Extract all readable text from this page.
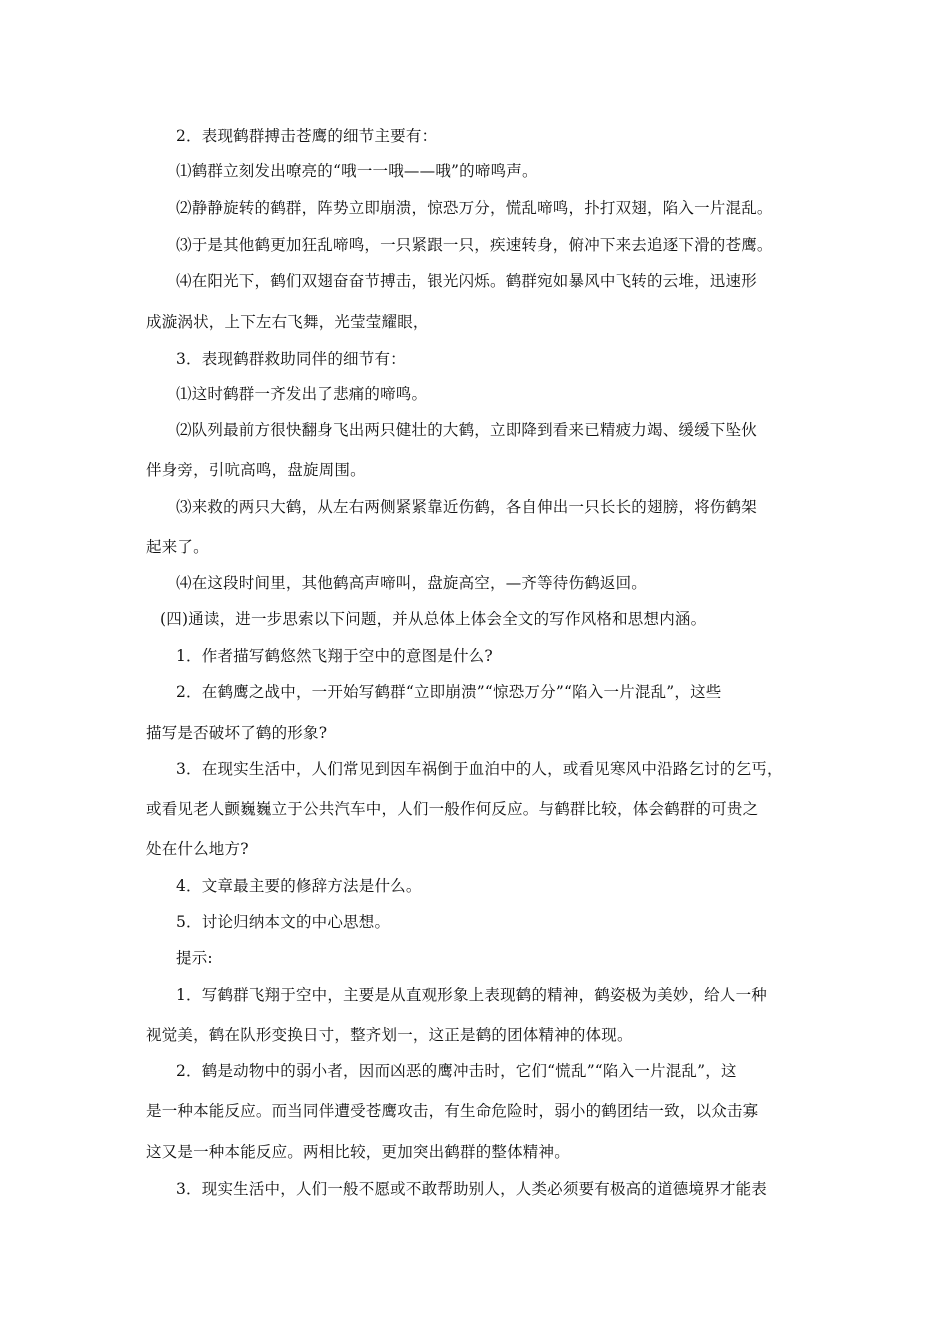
2．表现鹤群搏击苍鹰的细节主要有：
⑴鹤群立刻发出嘹亮的“哦一一哦——哦”的啼鸣声。
⑵静静旋转的鹤群，阵势立即崩溃，惊恐万分，慌乱啼鸣，扑打双翅，陷入一片混乱。
⑶于是其他鹤更加狂乱啼鸣，一只紧跟一只，疾速转身，俯冲下来去追逐下滑的苍鹰。
⑷在阳光下，鹤们双翅奋奋节搏击，银光闪烁。鹤群宛如暴风中飞转的云堆，迅速形
成漩涡状，上下左右飞舞，光莹莹耀眼，
3．表现鹤群救助同伴的细节有：
⑴这时鹤群一齐发出了悲痛的啼鸣。
⑵队列最前方很快翻身飞出两只健壮的大鹤，立即降到看来已精疲力竭、缓缓下坠伙
伴身旁，引吭高鸣，盘旋周围。
⑶来救的两只大鹤，从左右两侧紧紧靠近伤鹤，各自伸出一只长长的翅膀，将伤鹤架
起来了。
⑷在这段时间里，其他鹤高声啼叫，盘旋高空，—齐等待伤鹤返回。
(四)通读，进一步思索以下问题，并从总体上体会全文的写作风格和思想内涵。
1．作者描写鹤悠然飞翔于空中的意图是什么?
2．在鹤鹰之战中，一开始写鹤群“立即崩溃”“惊恐万分”“陷入一片混乱”，这些
描写是否破坏了鹤的形象?
3．在现实生活中，人们常见到因车祸倒于血泊中的人，或看见寒风中沿路乞讨的乞丐，
或看见老人颤巍巍立于公共汽车中，人们一般作何反应。与鹤群比较，体会鹤群的可贵之
处在什么地方?
4．文章最主要的修辞方法是什么。
5．讨论归纳本文的中心思想。
提示:
1．写鹤群飞翔于空中，主要是从直观形象上表现鹤的精神，鹤姿极为美妙，给人一种
视觉美，鹤在队形变换日寸，整齐划一，这正是鹤的团体精神的体现。
2．鹤是动物中的弱小者，因而凶恶的鹰冲击时，它们“慌乱”“陷入一片混乱”，这
是一种本能反应。而当同伴遭受苍鹰攻击，有生命危险时，弱小的鹤团结一致，以众击寡
这又是一种本能反应。两相比较，更加突出鹤群的整体精神。
3．现实生活中，人们一般不愿或不敢帮助别人，人类必须要有极高的道德境界才能表
